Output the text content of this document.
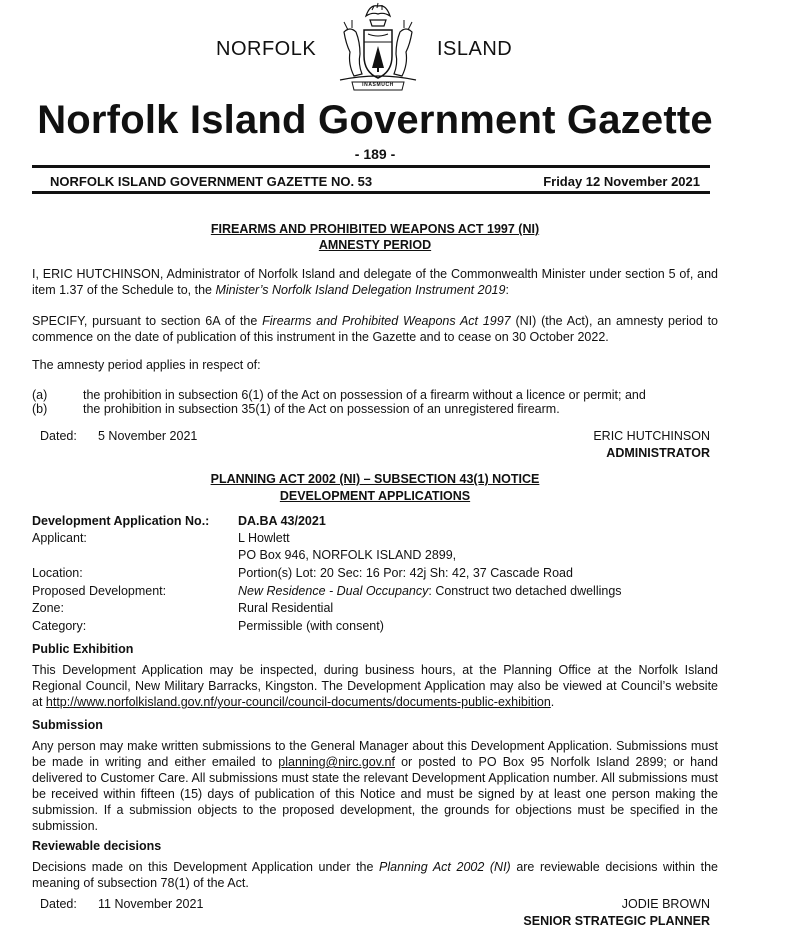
NORFOLK	ISLAND
INASMUCH
Norfolk Island Government Gazette
- 189 -
NORFOLK ISLAND GOVERNMENT GAZETTE NO. 53	Friday 12 November 2021
FIREARMS AND PROHIBITED WEAPONS ACT 1997 (NI)
AMNESTY PERIOD
I, ERIC HUTCHINSON, Administrator of Norfolk Island and delegate of the Commonwealth Minister under section 5 of, and item 1.37 of the Schedule to, the Minister’s Norfolk Island Delegation Instrument 2019:
SPECIFY, pursuant to section 6A of the Firearms and Prohibited Weapons Act 1997 (NI) (the Act), an amnesty period to commence on the date of publication of this instrument in the Gazette and to cease on 30 October 2022.
The amnesty period applies in respect of:
(a)	the prohibition in subsection 6(1) of the Act on possession of a firearm without a licence or permit; and
(b)	the prohibition in subsection 35(1) of the Act on possession of an unregistered firearm.
Dated: 5 November 2021	ERIC HUTCHINSON
ADMINISTRATOR
PLANNING ACT 2002 (NI) – SUBSECTION 43(1) NOTICE
DEVELOPMENT APPLICATIONS
Development Application No.: DA.BA 43/2021
Applicant:	L Howlett
PO Box 946, NORFOLK ISLAND 2899,
Location:	Portion(s) Lot: 20 Sec: 16 Por: 42j Sh: 42, 37 Cascade Road
Proposed Development:	New Residence - Dual Occupancy: Construct two detached dwellings
Zone:	Rural Residential
Category:	Permissible (with consent)
Public Exhibition
This Development Application may be inspected, during business hours, at the Planning Office at the Norfolk Island Regional Council, New Military Barracks, Kingston. The Development Application may also be viewed at Council’s website at http://www.norfolkisland.gov.nf/your-council/council-documents/documents-public-exhibition.
Submission
Any person may make written submissions to the General Manager about this Development Application. Submissions must be made in writing and either emailed to planning@nirc.gov.nf or posted to PO Box 95 Norfolk Island 2899; or hand delivered to Customer Care. All submissions must state the relevant Development Application number. All submissions must be received within fifteen (15) days of publication of this Notice and must be signed by at least one person making the submission. If a submission objects to the proposed development, the grounds for objections must be specified in the submission.
Reviewable decisions
Decisions made on this Development Application under the Planning Act 2002 (NI) are reviewable decisions within the meaning of subsection 78(1) of the Act.
Dated: 11 November 2021	JODIE BROWN
SENIOR STRATEGIC PLANNER
